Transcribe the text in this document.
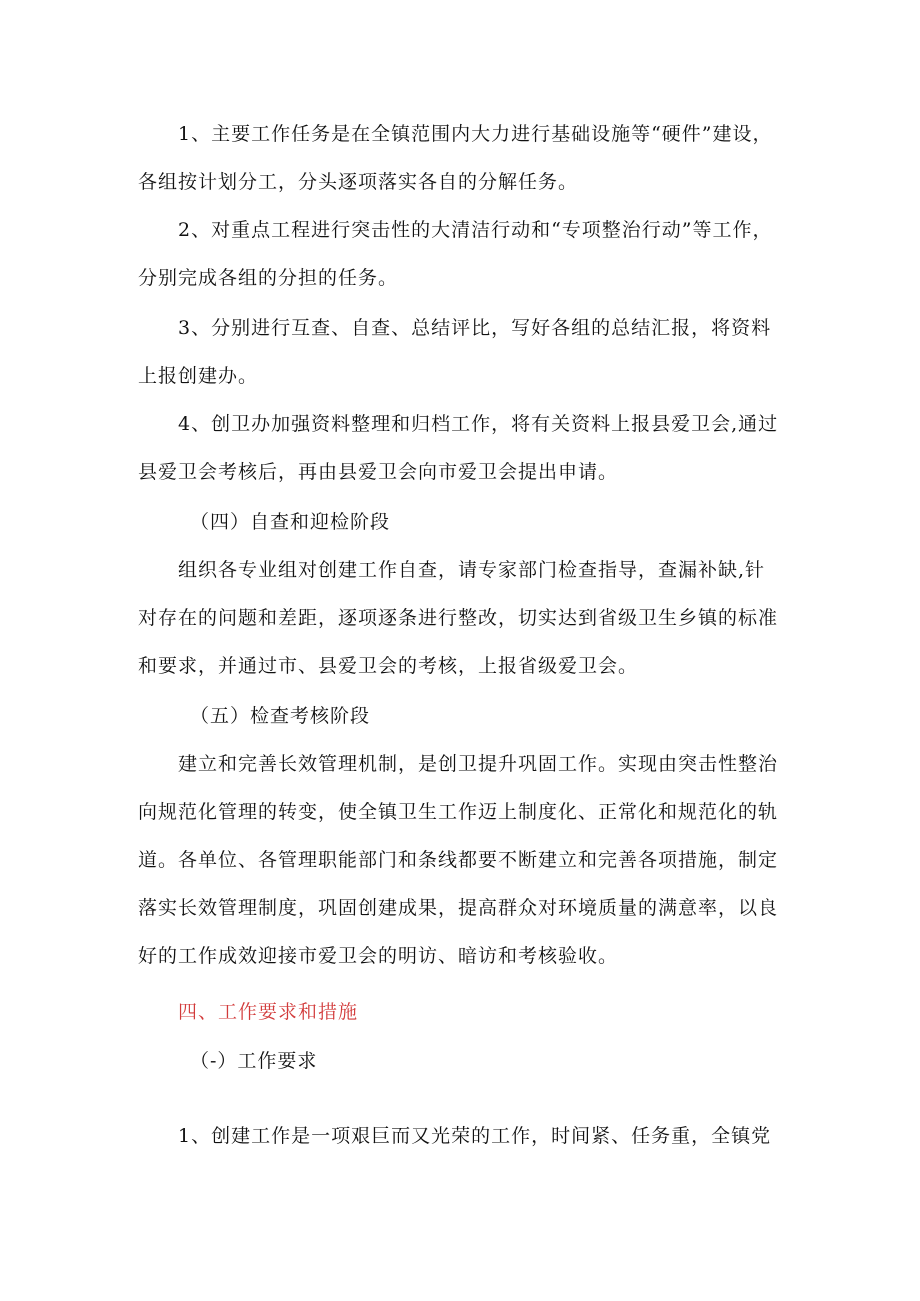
1、主要工作任务是在全镇范围内大力进行基础设施等“硬件”建设，
各组按计划分工，分头逐项落实各自的分解任务。
2、对重点工程进行突击性的大清洁行动和“专项整治行动”等工作，
分别完成各组的分担的任务。
3、分别进行互查、自查、总结评比，写好各组的总结汇报，将资料
上报创建办。
4、创卫办加强资料整理和归档工作，将有关资料上报县爱卫会,通过
县爱卫会考核后，再由县爱卫会向市爱卫会提出申请。
（四）自查和迎检阶段
组织各专业组对创建工作自查，请专家部门检查指导，查漏补缺,针
对存在的问题和差距，逐项逐条进行整改，切实达到省级卫生乡镇的标准
和要求，并通过市、县爱卫会的考核，上报省级爱卫会。
（五）检查考核阶段
建立和完善长效管理机制，是创卫提升巩固工作。实现由突击性整治
向规范化管理的转变，使全镇卫生工作迈上制度化、正常化和规范化的轨
道。各单位、各管理职能部门和条线都要不断建立和完善各项措施，制定
落实长效管理制度，巩固创建成果，提高群众对环境质量的满意率，以良
好的工作成效迎接市爱卫会的明访、暗访和考核验收。
四、工作要求和措施
（-）工作要求
1、创建工作是一项艰巨而又光荣的工作，时间紧、任务重，全镇党
